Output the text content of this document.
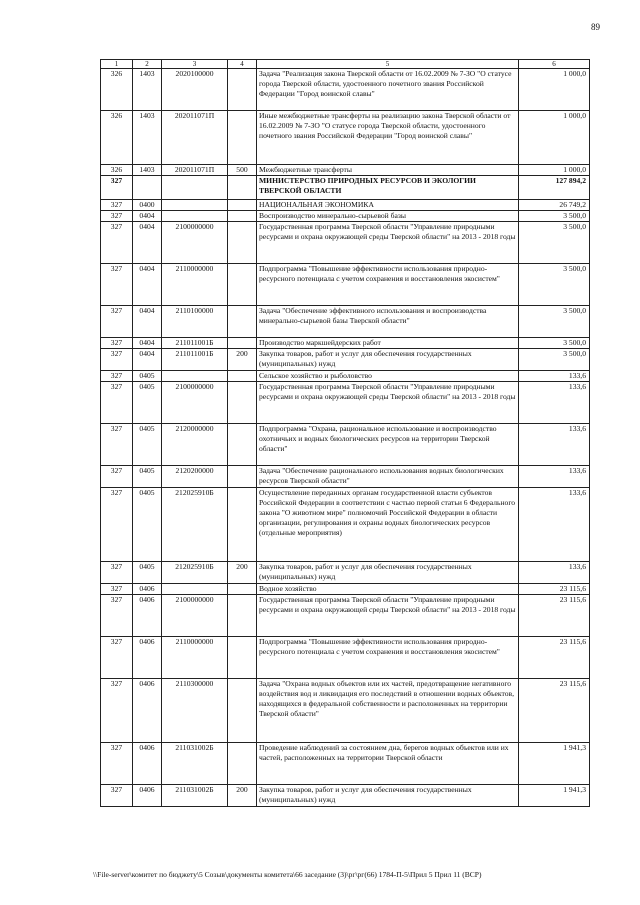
89
1	2	3	4	5	6
326	1403	2020100000		Задача "Реализация закона Тверской области от 16.02.2009 № 7-ЗО "О статусе города Тверской области, удостоенного почетного звания Российской Федерации "Город воинской славы"	1 000,0
326	1403	202011071П		Иные межбюджетные трансферты на реализацию закона Тверской области от 16.02.2009 № 7-ЗО "О статусе города Тверской области, удостоенного почетного звания Российской Федерации "Город воинской славы"	1 000,0
326	1403	202011071П	500	Межбюджетные трансферты	1 000,0
327				МИНИСТЕРСТВО ПРИРОДНЫХ РЕСУРСОВ И ЭКОЛОГИИ ТВЕРСКОЙ ОБЛАСТИ	127 894,2
327	0400			НАЦИОНАЛЬНАЯ ЭКОНОМИКА	26 749,2
327	0404			Воспроизводство минерально-сырьевой базы	3 500,0
327	0404	2100000000		Государственная программа Тверской области "Управление природными ресурсами и охрана окружающей среды Тверской области" на 2013 - 2018 годы	3 500,0
327	0404	2110000000		Подпрограмма "Повышение эффективности использования природно-ресурсного потенциала с учетом сохранения и восстановления экосистем"	3 500,0
327	0404	2110100000		Задача "Обеспечение эффективного использования и воспроизводства минерально-сырьевой базы Тверской области"	3 500,0
327	0404	211011001Б		Производство маркшейдерских работ	3 500,0
327	0404	211011001Б	200	Закупка товаров, работ и услуг для обеспечения государственных (муниципальных) нужд	3 500,0
327	0405			Сельское хозяйство и рыболовство	133,6
327	0405	2100000000		Государственная программа Тверской области "Управление природными ресурсами и охрана окружающей среды Тверской области" на 2013 - 2018 годы	133,6
327	0405	2120000000		Подпрограмма "Охрана, рациональное использование и воспроизводство охотничьих и водных биологических ресурсов на территории Тверской области"	133,6
327	0405	2120200000		Задача "Обеспечение рационального использования водных биологических ресурсов Тверской области"	133,6
327	0405	212025910Б		Осуществление переданных органам государственной власти субъектов Российской Федерации в соответствии с частью первой статьи 6 Федерального закона "О животном мире" полномочий Российской Федерации в области организации, регулирования и охраны водных биологических ресурсов (отдельные мероприятия)	133,6
327	0405	212025910Б	200	Закупка товаров, работ и услуг для обеспечения государственных (муниципальных) нужд	133,6
327	0406			Водное хозяйство	23 115,6
327	0406	2100000000		Государственная программа Тверской области "Управление природными ресурсами и охрана окружающей среды Тверской области" на 2013 - 2018 годы	23 115,6
327	0406	2110000000		Подпрограмма "Повышение эффективности использования природно-ресурсного потенциала с учетом сохранения и восстановления экосистем"	23 115,6
327	0406	2110300000		Задача "Охрана водных объектов или их частей, предотвращение негативного воздействия вод и ликвидация его последствий в отношении водных объектов, находящихся в федеральной собственности и расположенных на территории Тверской области"	23 115,6
327	0406	211031002Б		Проведение наблюдений за состоянием дна, берегов водных объектов или их частей, расположенных на территории Тверской области	1 941,3
327	0406	211031002Б	200	Закупка товаров, работ и услуг для обеспечения государственных (муниципальных) нужд	1 941,3
\\File-server\комитет по бюджету\5 Созыв\документы комитета\66 заседание (3)\рг\рг(66) 1784-П-5\Прил 5 Прил 11 (ВСР)
